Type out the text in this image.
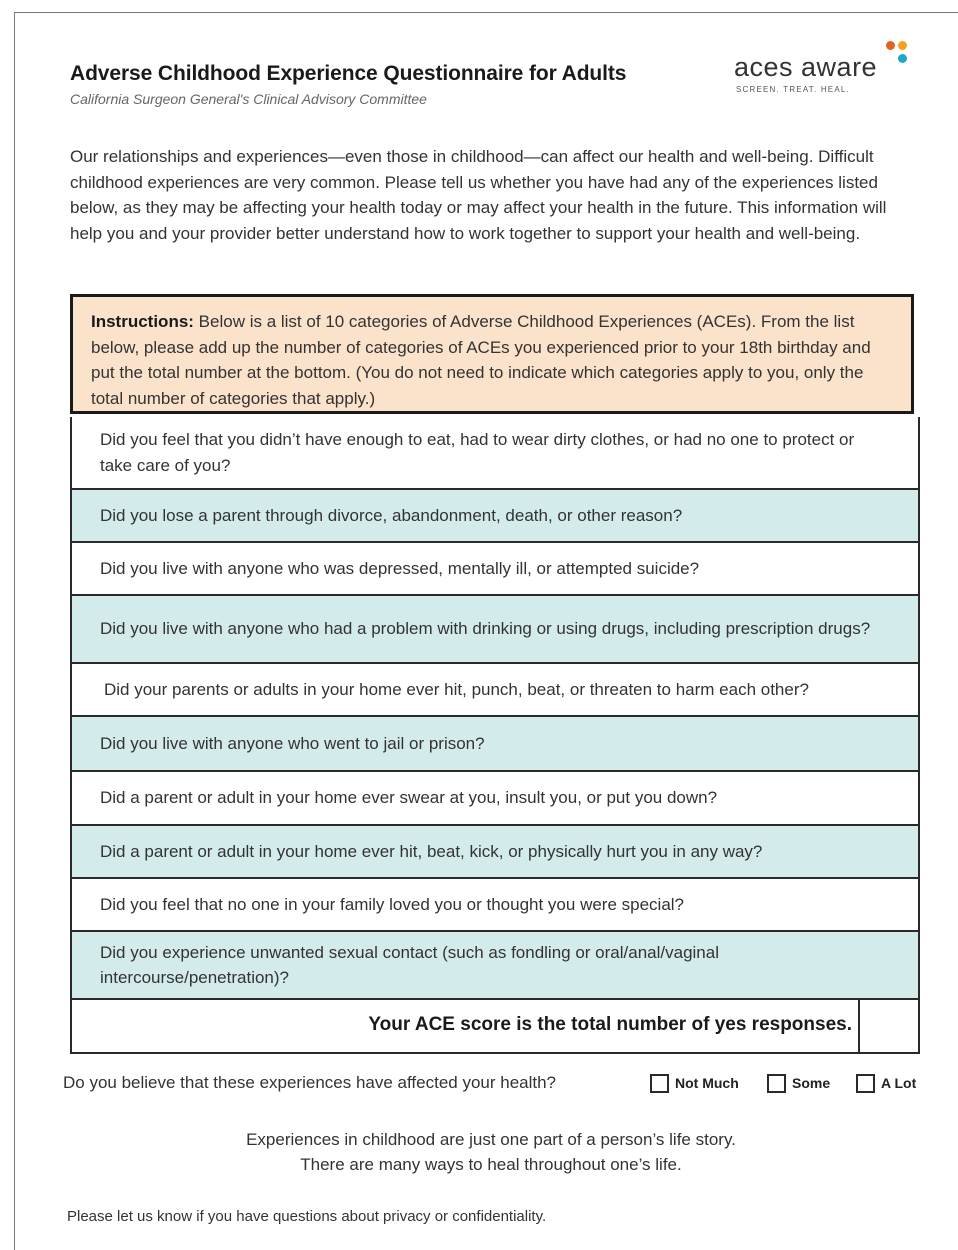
Adverse Childhood Experience Questionnaire for Adults
California Surgeon General's Clinical Advisory Committee
aces aware
SCREEN. TREAT. HEAL.
Our relationships and experiences—even those in childhood—can affect our health and well-being. Difficult childhood experiences are very common. Please tell us whether you have had any of the experiences listed below, as they may be affecting your health today or may affect your health in the future. This information will help you and your provider better understand how to work together to support your health and well-being.
Instructions: Below is a list of 10 categories of Adverse Childhood Experiences (ACEs). From the list below, please add up the number of categories of ACEs you experienced prior to your 18th birthday and put the total number at the bottom. (You do not need to indicate which categories apply to you, only the total number of categories that apply.)
Did you feel that you didn’t have enough to eat, had to wear dirty clothes, or had no one to protect or take care of you?
Did you lose a parent through divorce, abandonment, death, or other reason?
Did you live with anyone who was depressed, mentally ill, or attempted suicide?
Did you live with anyone who had a problem with drinking or using drugs, including prescription drugs?
Did your parents or adults in your home ever hit, punch, beat, or threaten to harm each other?
Did you live with anyone who went to jail or prison?
Did a parent or adult in your home ever swear at you, insult you, or put you down?
Did a parent or adult in your home ever hit, beat, kick, or physically hurt you in any way?
Did you feel that no one in your family loved you or thought you were special?
Did you experience unwanted sexual contact (such as fondling or oral/anal/vaginal intercourse/penetration)?
Your ACE score is the total number of yes responses.
Do you believe that these experiences have affected your health?	Not Much	Some	A Lot
Experiences in childhood are just one part of a person’s life story.
There are many ways to heal throughout one’s life.
Please let us know if you have questions about privacy or confidentiality.
